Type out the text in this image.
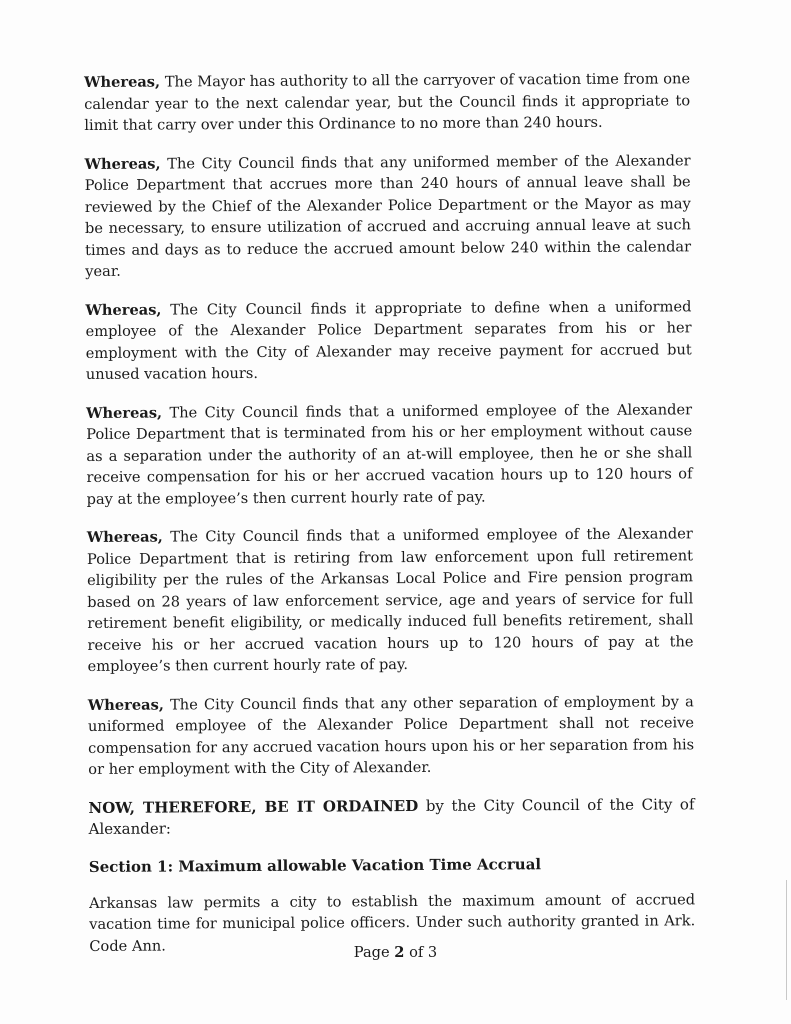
Whereas, The Mayor has authority to all the carryover of vacation time from one calendar year to the next calendar year, but the Council finds it appropriate to limit that carry over under this Ordinance to no more than 240 hours.

Whereas, The City Council finds that any uniformed member of the Alexander Police Department that accrues more than 240 hours of annual leave shall be reviewed by the Chief of the Alexander Police Department or the Mayor as may be necessary, to ensure utilization of accrued and accruing annual leave at such times and days as to reduce the accrued amount below 240 within the calendar year.

Whereas, The City Council finds it appropriate to define when a uniformed employee of the Alexander Police Department separates from his or her employment with the City of Alexander may receive payment for accrued but unused vacation hours.

Whereas, The City Council finds that a uniformed employee of the Alexander Police Department that is terminated from his or her employment without cause as a separation under the authority of an at-will employee, then he or she shall receive compensation for his or her accrued vacation hours up to 120 hours of pay at the employee’s then current hourly rate of pay.

Whereas, The City Council finds that a uniformed employee of the Alexander Police Department that is retiring from law enforcement upon full retirement eligibility per the rules of the Arkansas Local Police and Fire pension program based on 28 years of law enforcement service, age and years of service for full retirement benefit eligibility, or medically induced full benefits retirement, shall receive his or her accrued vacation hours up to 120 hours of pay at the employee’s then current hourly rate of pay.

Whereas, The City Council finds that any other separation of employment by a uniformed employee of the Alexander Police Department shall not receive compensation for any accrued vacation hours upon his or her separation from his or her employment with the City of Alexander.

NOW, THEREFORE, BE IT ORDAINED by the City Council of the City of Alexander:

Section 1: Maximum allowable Vacation Time Accrual

Arkansas law permits a city to establish the maximum amount of accrued vacation time for municipal police officers. Under such authority granted in Ark. Code Ann.	Page 2 of 3
